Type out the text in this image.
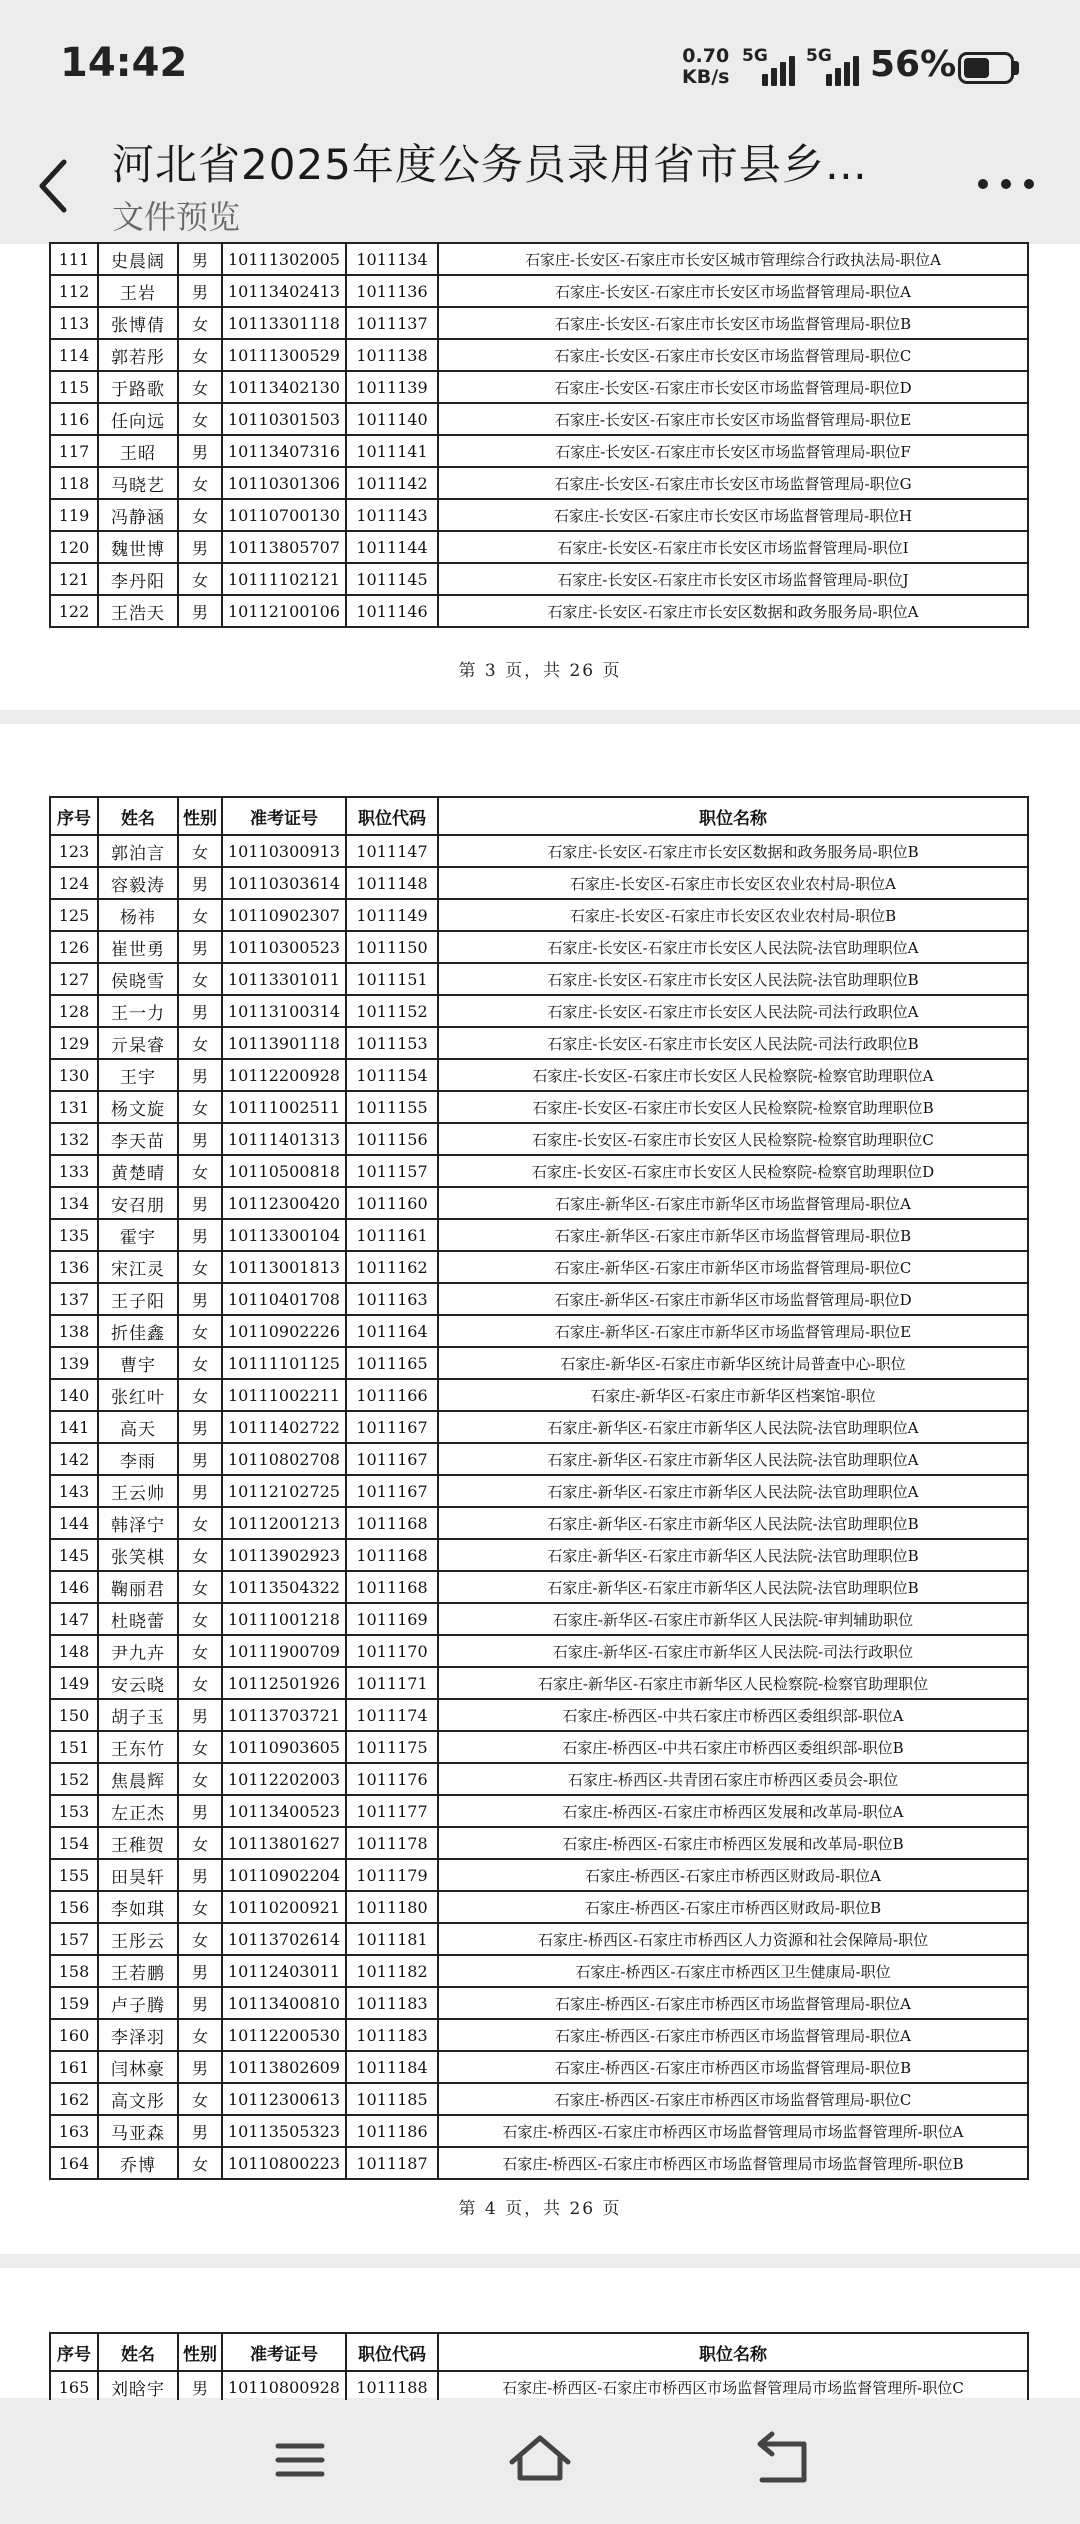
14:42	0.70
KB/s
5G 5G 56%
河北省2025年度公务员录用省市县乡…
文件预览
111	史晨阔	男	10111302005	1011134	石家庄-长安区-石家庄市长安区城市管理综合行政执法局-职位A
112	王岩	男	10113402413	1011136	石家庄-长安区-石家庄市长安区市场监督管理局-职位A
113	张博倩	女	10113301118	1011137	石家庄-长安区-石家庄市长安区市场监督管理局-职位B
114	郭若彤	女	10111300529	1011138	石家庄-长安区-石家庄市长安区市场监督管理局-职位C
115	于路歌	女	10113402130	1011139	石家庄-长安区-石家庄市长安区市场监督管理局-职位D
116	任向远	女	10110301503	1011140	石家庄-长安区-石家庄市长安区市场监督管理局-职位E
117	王昭	男	10113407316	1011141	石家庄-长安区-石家庄市长安区市场监督管理局-职位F
118	马晓艺	女	10110301306	1011142	石家庄-长安区-石家庄市长安区市场监督管理局-职位G
119	冯静涵	女	10110700130	1011143	石家庄-长安区-石家庄市长安区市场监督管理局-职位H
120	魏世博	男	10113805707	1011144	石家庄-长安区-石家庄市长安区市场监督管理局-职位I
121	李丹阳	女	10111102121	1011145	石家庄-长安区-石家庄市长安区市场监督管理局-职位J
122	王浩天	男	10112100106	1011146	石家庄-长安区-石家庄市长安区数据和政务服务局-职位A
第 3 页，共 26 页
序号	姓名	性别	准考证号	职位代码	职位名称
123	郭泊言	女	10110300913	1011147	石家庄-长安区-石家庄市长安区数据和政务服务局-职位B
124	容毅涛	男	10110303614	1011148	石家庄-长安区-石家庄市长安区农业农村局-职位A
125	杨祎	女	10110902307	1011149	石家庄-长安区-石家庄市长安区农业农村局-职位B
126	崔世勇	男	10110300523	1011150	石家庄-长安区-石家庄市长安区人民法院-法官助理职位A
127	侯晓雪	女	10113301011	1011151	石家庄-长安区-石家庄市长安区人民法院-法官助理职位B
128	王一力	男	10113100314	1011152	石家庄-长安区-石家庄市长安区人民法院-司法行政职位A
129	亓杲睿	女	10113901118	1011153	石家庄-长安区-石家庄市长安区人民法院-司法行政职位B
130	王宇	男	10112200928	1011154	石家庄-长安区-石家庄市长安区人民检察院-检察官助理职位A
131	杨文旋	女	10111002511	1011155	石家庄-长安区-石家庄市长安区人民检察院-检察官助理职位B
132	李天苗	男	10111401313	1011156	石家庄-长安区-石家庄市长安区人民检察院-检察官助理职位C
133	黄楚晴	女	10110500818	1011157	石家庄-长安区-石家庄市长安区人民检察院-检察官助理职位D
134	安召朋	男	10112300420	1011160	石家庄-新华区-石家庄市新华区市场监督管理局-职位A
135	霍宇	男	10113300104	1011161	石家庄-新华区-石家庄市新华区市场监督管理局-职位B
136	宋江灵	女	10113001813	1011162	石家庄-新华区-石家庄市新华区市场监督管理局-职位C
137	王子阳	男	10110401708	1011163	石家庄-新华区-石家庄市新华区市场监督管理局-职位D
138	折佳鑫	女	10110902226	1011164	石家庄-新华区-石家庄市新华区市场监督管理局-职位E
139	曹宇	女	10111101125	1011165	石家庄-新华区-石家庄市新华区统计局普查中心-职位
140	张红叶	女	10111002211	1011166	石家庄-新华区-石家庄市新华区档案馆-职位
141	高天	男	10111402722	1011167	石家庄-新华区-石家庄市新华区人民法院-法官助理职位A
142	李雨	男	10110802708	1011167	石家庄-新华区-石家庄市新华区人民法院-法官助理职位A
143	王云帅	男	10112102725	1011167	石家庄-新华区-石家庄市新华区人民法院-法官助理职位A
144	韩泽宁	女	10112001213	1011168	石家庄-新华区-石家庄市新华区人民法院-法官助理职位B
145	张笑棋	女	10113902923	1011168	石家庄-新华区-石家庄市新华区人民法院-法官助理职位B
146	鞠丽君	女	10113504322	1011168	石家庄-新华区-石家庄市新华区人民法院-法官助理职位B
147	杜晓蕾	女	10111001218	1011169	石家庄-新华区-石家庄市新华区人民法院-审判辅助职位
148	尹九卉	女	10111900709	1011170	石家庄-新华区-石家庄市新华区人民法院-司法行政职位
149	安云晓	女	10112501926	1011171	石家庄-新华区-石家庄市新华区人民检察院-检察官助理职位
150	胡子玉	男	10113703721	1011174	石家庄-桥西区-中共石家庄市桥西区委组织部-职位A
151	王东竹	女	10110903605	1011175	石家庄-桥西区-中共石家庄市桥西区委组织部-职位B
152	焦晨辉	女	10112202003	1011176	石家庄-桥西区-共青团石家庄市桥西区委员会-职位
153	左正杰	男	10113400523	1011177	石家庄-桥西区-石家庄市桥西区发展和改革局-职位A
154	王稚贺	女	10113801627	1011178	石家庄-桥西区-石家庄市桥西区发展和改革局-职位B
155	田昊轩	男	10110902204	1011179	石家庄-桥西区-石家庄市桥西区财政局-职位A
156	李如琪	女	10110200921	1011180	石家庄-桥西区-石家庄市桥西区财政局-职位B
157	王彤云	女	10113702614	1011181	石家庄-桥西区-石家庄市桥西区人力资源和社会保障局-职位
158	王若鹏	男	10112403011	1011182	石家庄-桥西区-石家庄市桥西区卫生健康局-职位
159	卢子腾	男	10113400810	1011183	石家庄-桥西区-石家庄市桥西区市场监督管理局-职位A
160	李泽羽	女	10112200530	1011183	石家庄-桥西区-石家庄市桥西区市场监督管理局-职位A
161	闫林豪	男	10113802609	1011184	石家庄-桥西区-石家庄市桥西区市场监督管理局-职位B
162	高文彤	女	10112300613	1011185	石家庄-桥西区-石家庄市桥西区市场监督管理局-职位C
163	马亚森	男	10113505323	1011186	石家庄-桥西区-石家庄市桥西区市场监督管理局市场监督管理所-职位A
164	乔博	女	10110800223	1011187	石家庄-桥西区-石家庄市桥西区市场监督管理局市场监督管理所-职位B
第 4 页，共 26 页
序号	姓名	性别	准考证号	职位代码	职位名称
165	刘晗宇	男	10110800928	1011188	石家庄-桥西区-石家庄市桥西区市场监督管理局市场监督管理所-职位C
